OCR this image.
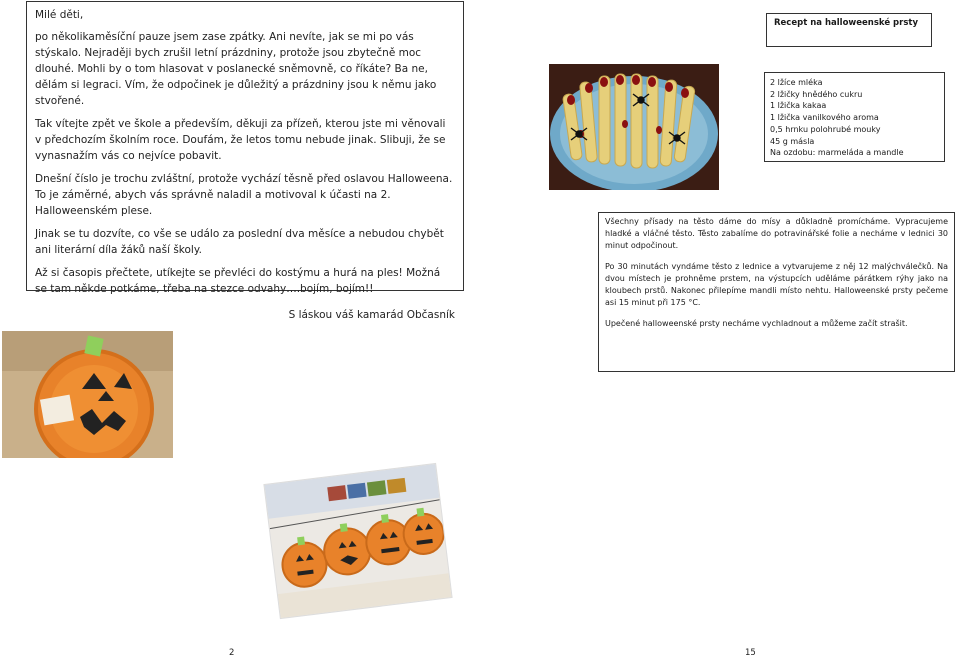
Milé děti,

po několikaměsíční pauze jsem zase zpátky. Ani nevíte, jak se mi po vás stýskalo. Nejraději bych zrušil letní prázdniny, protože jsou zbytečně moc dlouhé. Mohli by o tom hlasovat v poslanecké sněmovně, co říkáte? Ba ne, dělám si legraci. Vím, že odpočinek je důležitý a prázdniny jsou k němu jako stvořené.

Tak vítejte zpět ve škole a především, děkuji za přízeň, kterou jste mi věnovali v předchozím školním roce. Doufám, že letos tomu nebude jinak. Slibuji, že se vynasnažím vás co nejvíce pobavit.

Dnešní číslo je trochu zvláštní, protože vychází těsně před oslavou Halloweena. To je záměrné, abych vás správně naladil a motivoval k účasti na 2. Halloweenském plese.

Jinak se tu dozvíte, co vše se událo za poslední dva měsíce a nebudou chybět ani literární díla žáků naší školy.

Až si časopis přečtete, utíkejte se převléci do kostýmu a hurá na ples! Možná se tam někde potkáme, třeba na stezce odvahy….bojím, bojím!!

S láskou váš kamarád Občasník

Recept na halloweenské prsty
2 lžíce mléka
2 lžičky hnědého cukru
1 lžička kakaa
1 lžička vanilkového aroma
0,5 hrnku polohrubé mouky
45 g másla
Na ozdobu: marmeláda a mandle

Všechny přísady na těsto dáme do mísy a důkladně promícháme. Vypracujeme hladké a vláčné těsto. Těsto zabalíme do potravinářské folie a necháme v lednici 30 minut odpočinout.

Po 30 minutách vyndáme těsto z lednice a vytvarujeme z něj 12 malýchválečků. Na dvou místech je prohněme prstem, na výstupcích uděláme párátkem rýhy jako na kloubech prstů. Nakonec přilepíme mandli místo nehtu. Halloweenské prsty pečeme asi 15 minut při 175 °C.

Upečené halloweenské prsty necháme vychladnout a můžeme začít strašit.

2	15
